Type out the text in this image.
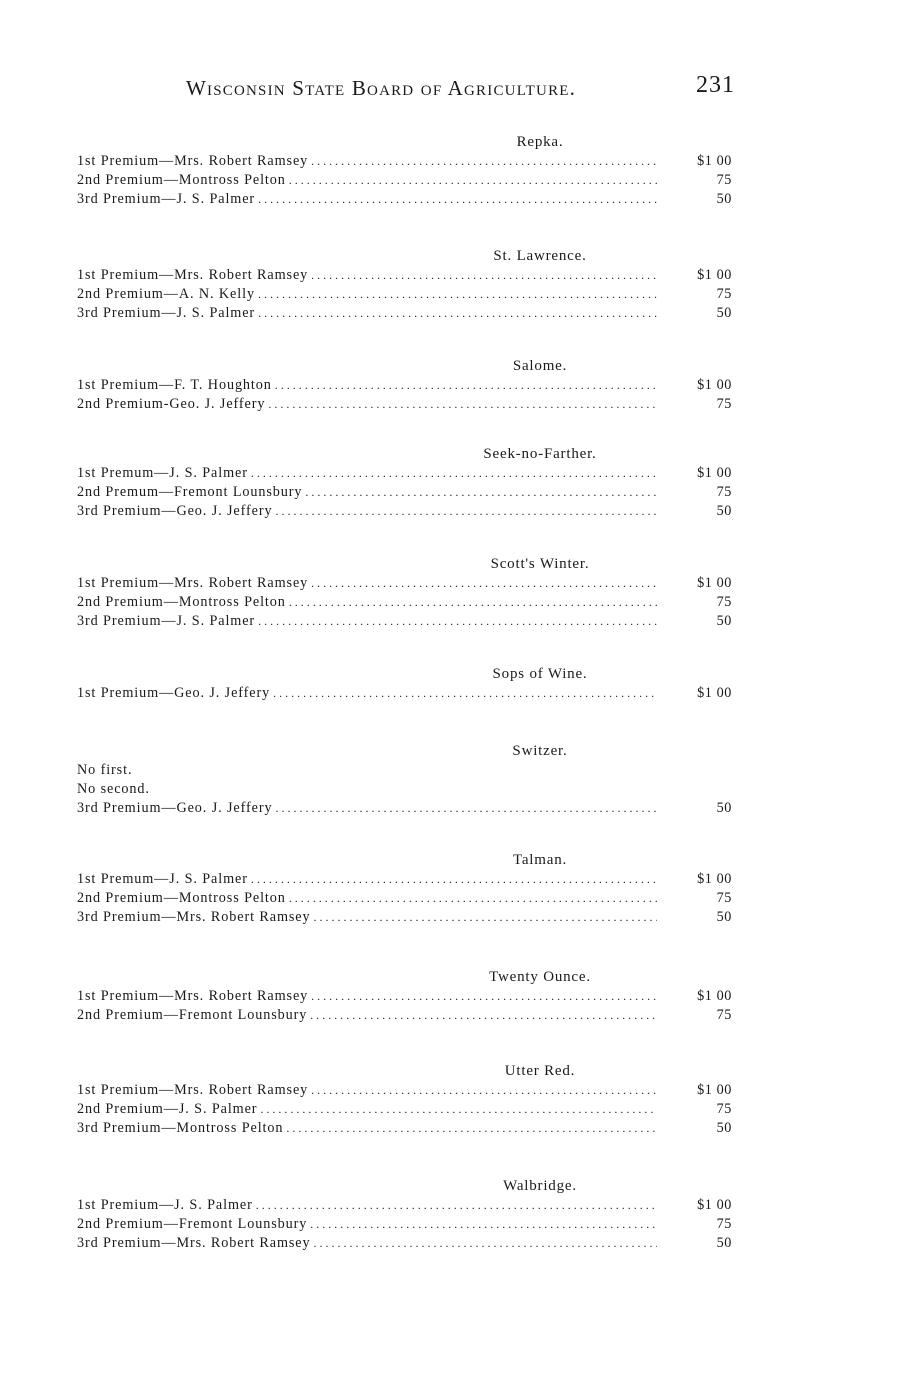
Wisconsin State Board of Agriculture.	231
Repka.
1st Premium—Mrs. Robert Ramsey . . .	$1 00
2nd Premium—Montross Pelton . . .	75
3rd Premium—J. S. Palmer . . .	50
St. Lawrence.
1st Premium—Mrs. Robert Ramsey . . .	$1 00
2nd Premium—A. N. Kelly . . .	75
3rd Premium—J. S. Palmer . . .	50
Salome.
1st Premium—F. T. Houghton . . .	$1 00
2nd Premium-Geo. J. Jeffery . . .	75
Seek-no-Farther.
1st Premum—J. S. Palmer . . .	$1 00
2nd Premum—Fremont Lounsbury . . .	75
3rd Premium—Geo. J. Jeffery . . .	50
Scott's Winter.
1st Premium—Mrs. Robert Ramsey . . .	$1 00
2nd Premium—Montross Pelton . . .	75
3rd Premium—J. S. Palmer . . .	50
Sops of Wine.
1st Premium—Geo. J. Jeffery . . .	$1 00
Switzer.
No first.
No second.
3rd Premium—Geo. J. Jeffery . . .	50
Talman.
1st Premum—J. S. Palmer . . .	$1 00
2nd Premium—Montross Pelton . . .	75
3rd Premium—Mrs. Robert Ramsey . . .	50
Twenty Ounce.
1st Premium—Mrs. Robert Ramsey . . .	$1 00
2nd Premium—Fremont Lounsbury . . .	75
Utter Red.
1st Premium—Mrs. Robert Ramsey . . .	$1 00
2nd Premium—J. S. Palmer . . .	75
3rd Premium—Montross Pelton . . .	50
Walbridge.
1st Premium—J. S. Palmer . . .	$1 00
2nd Premium—Fremont Lounsbury . . .	75
3rd Premium—Mrs. Robert Ramsey . . .	50
